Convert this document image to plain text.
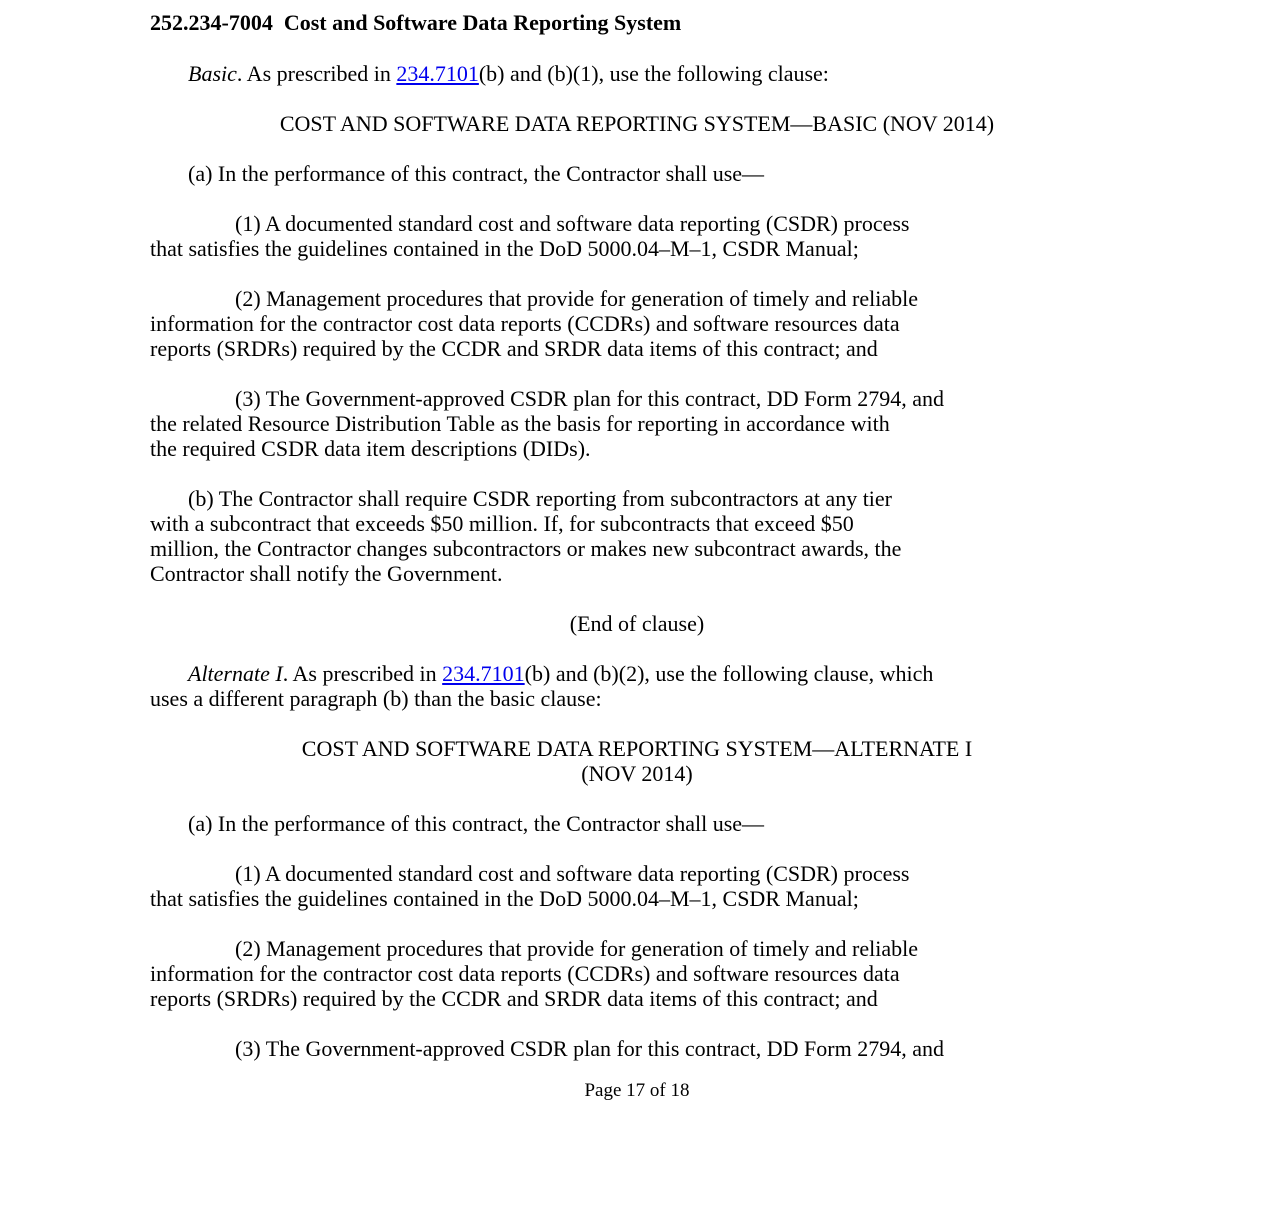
252.234-7004 Cost and Software Data Reporting System
Basic. As prescribed in 234.7101(b) and (b)(1), use the following clause:
COST AND SOFTWARE DATA REPORTING SYSTEM—BASIC (NOV 2014)
(a) In the performance of this contract, the Contractor shall use—
(1) A documented standard cost and software data reporting (CSDR) process
that satisfies the guidelines contained in the DoD 5000.04–M–1, CSDR Manual;
(2) Management procedures that provide for generation of timely and reliable
information for the contractor cost data reports (CCDRs) and software resources data
reports (SRDRs) required by the CCDR and SRDR data items of this contract; and
(3) The Government-approved CSDR plan for this contract, DD Form 2794, and
the related Resource Distribution Table as the basis for reporting in accordance with
the required CSDR data item descriptions (DIDs).
(b) The Contractor shall require CSDR reporting from subcontractors at any tier
with a subcontract that exceeds $50 million. If, for subcontracts that exceed $50
million, the Contractor changes subcontractors or makes new subcontract awards, the
Contractor shall notify the Government.
(End of clause)
Alternate I. As prescribed in 234.7101(b) and (b)(2), use the following clause, which
uses a different paragraph (b) than the basic clause:
COST AND SOFTWARE DATA REPORTING SYSTEM—ALTERNATE I
(NOV 2014)
(a) In the performance of this contract, the Contractor shall use—
(1) A documented standard cost and software data reporting (CSDR) process
that satisfies the guidelines contained in the DoD 5000.04–M–1, CSDR Manual;
(2) Management procedures that provide for generation of timely and reliable
information for the contractor cost data reports (CCDRs) and software resources data
reports (SRDRs) required by the CCDR and SRDR data items of this contract; and
(3) The Government-approved CSDR plan for this contract, DD Form 2794, and
Page 17 of 18
